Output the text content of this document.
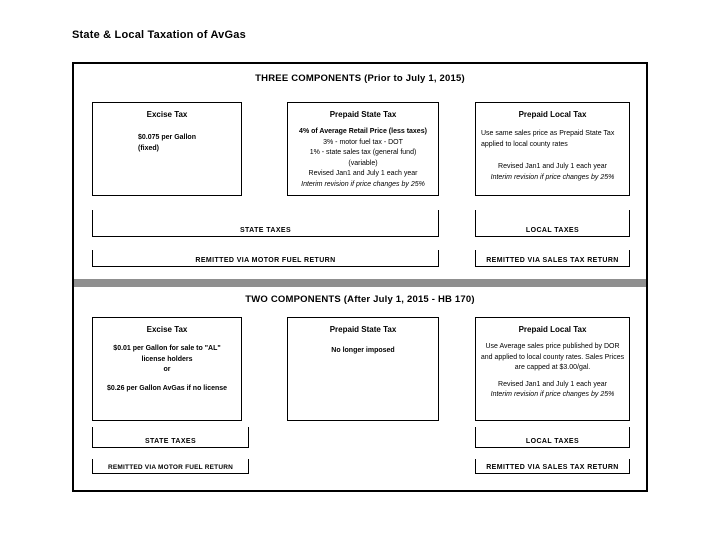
State & Local Taxation of AvGas
THREE COMPONENTS (Prior to July 1, 2015)
Excise Tax
$0.075 per Gallon
(fixed)
Prepaid State Tax
4% of Average Retail Price (less taxes)
3% - motor fuel tax - DOT
1% - state sales tax (general fund)
(variable)
Revised Jan1 and July 1 each year
Interim revision if price changes by 25%
Prepaid Local Tax
Use same sales price as Prepaid State Tax applied to local county rates
Revised Jan1 and July 1 each year
Interim revision if price changes by 25%
STATE TAXES	LOCAL TAXES
REMITTED VIA MOTOR FUEL RETURN	REMITTED VIA SALES TAX RETURN
TWO COMPONENTS (After July 1, 2015 - HB 170)
Excise Tax
$0.01 per Gallon for sale to "AL"
license holders
or
$0.26 per Gallon AvGas if no license
Prepaid State Tax
No longer imposed
Prepaid Local Tax
Use Average sales price published by DOR and applied to local county rates. Sales Prices are capped at $3.00/gal.
Revised Jan1 and July 1 each year
Interim revision if price changes by 25%
STATE TAXES	LOCAL TAXES
REMITTED VIA MOTOR FUEL RETURN	REMITTED VIA SALES TAX RETURN
